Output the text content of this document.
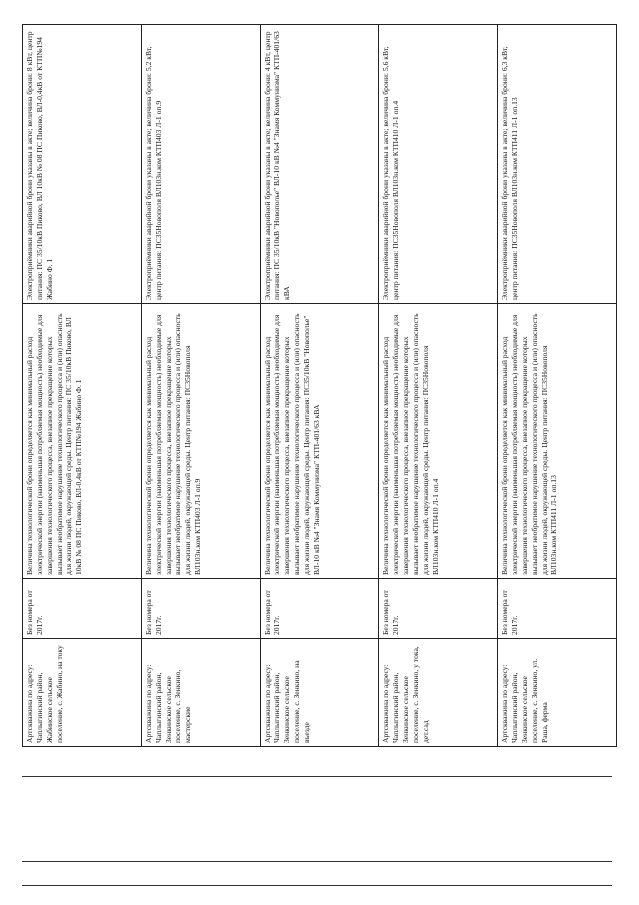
Артскважина по адресу: Чаплыгинский район, Жабинское сельское поселение, с. Жабино, на току	Без номера от 2017г.	Величина технологической брони определяется как минимальный расход электрической энергии (наименьшая потребляемая мощность) необходимые для завершения технологического процесса, внезапное прекращение которых вызывает необратимое нарушение технологического процесса и (или) опасность для жизни людей, окружающей среды. Центр питания: ПС 35/10кВ Пиково, ВЛ 10кВ № 08 ПС Пиково, ВЛ-0,4кВ от КТП№194 Жабино Ф. 1	Электроприёмники аварийной брони указаны в акте; величина брони: 8 кВт, центр питания: ПС 35/10кВ Пиково, ВЛ 10кВ № 08 ПС Пиково, ВЛ-0,4кВ от КТП№194 Жабино Ф. 1
Артскважина по адресу: Чаплыгинский район, Зенкинское сельское поселение, с. Зенкино, мастерские	Без номера от 2017г.	Величина технологической брони определяется как минимальный расход электрической энергии (наименьшая потребляемая мощность) необходимые для завершения технологического процесса, внезапное прекращение которых вызывает необратимое нарушение технологического процесса и (или) опасность для жизни людей, окружающей среды. Центр питания: ПС35Новополя ВЛ103н.ком КТП403 Л-1 оп.9	Электроприёмники аварийной брони указаны в акте; величина брони: 5,2 кВт, центр питания: ПС35Новополя ВЛ103н.ком КТП403 Л-1 оп.9
Артскважина по адресу: Чаплыгинский район, Зенкинское сельское поселение, с. Зенкино, на въезде	Без номера от 2017г.	Величина технологической брони определяется как минимальный расход электрической энергии (наименьшая потребляемая мощность) необходимые для завершения технологического процесса, внезапное прекращение которых вызывает необратимое нарушение технологического процесса и (или) опасность для жизни людей, окружающей среды. Центр питания: ПС35/10кВ "Новополье" ВЛ-10 кВ №4 "Знамя Коммунизма" КТП-401/63 кВА	Электроприёмники аварийной брони указаны в акте; величина брони: 4 кВт, центр питания: ПС 35/10кВ "Новополье" ВЛ-10 кВ №4 "Знамя Коммунизма" КТП-401/63 кВА
Артскважина по адресу: Чаплыгинский район, Зенкинское сельское поселение, с. Зенкино, у тока, дет.сад	Без номера от 2017г.	Величина технологической брони определяется как минимальный расход электрической энергии (наименьшая потребляемая мощность) необходимые для завершения технологического процесса, внезапное прекращение которых вызывает необратимое нарушение технологического процесса и (или) опасность для жизни людей, окружающей среды. Центр питания: ПС35Новополя ВЛ103н.ком КТП410 Л-1 оп.4	Электроприёмники аварийной брони указаны в акте; величина брони: 5,6 кВт, центр питания: ПС35Новополя ВЛ103н.ком КТП410 Л-1 оп.4
Артскважина по адресу: Чаплыгинский район, Зенкинское сельское поселение, с. Зенкино, ул. Раша, ферма	Без номера от 2017г.	Величина технологической брони определяется как минимальный расход электрической энергии (наименьшая потребляемая мощность) необходимые для завершения технологического процесса, внезапное прекращение которых вызывает необратимое нарушение технологического процесса и (или) опасность для жизни людей, окружающей среды. Центр питания: ПС35Новополя ВЛ103н.ком КТП411 Л-1 оп.13	Электроприёмники аварийной брони указаны в акте; величина брони: 6,3 кВт, центр питания: ПС35Новополя ВЛ103н.ком КТП411 Л-1 оп.13
